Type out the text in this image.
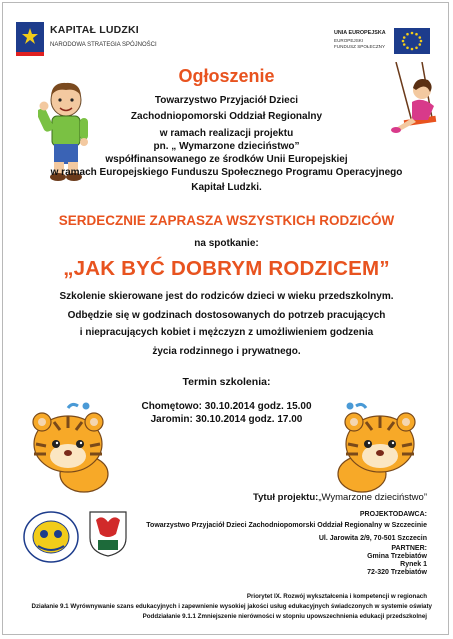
KAPITAŁ LUDZKI
NARODOWA STRATEGIA SPÓJNOŚCI
UNIA EUROPEJSKA
EUROPEJSKI
FUNDUSZ SPOŁECZNY
Ogłoszenie
Towarzystwo Przyjaciół Dzieci
Zachodniopomorski Oddział Regionalny
w ramach realizacji projektu
pn. „ Wymarzone dzieciństwo”
współfinansowanego ze środków Unii Europejskiej
w ramach Europejskiego Funduszu Społecznego Programu Operacyjnego
Kapitał Ludzki.
SERDECZNIE ZAPRASZA WSZYSTKICH RODZICÓW
na spotkanie:
„JAK BYĆ DOBRYM RODZICEM”
Szkolenie skierowane jest do rodziców dzieci w wieku przedszkolnym.
Odbędzie się w godzinach dostosowanych do potrzeb pracujących
i niepracujących kobiet i mężczyzn z umożliwieniem godzenia
życia rodzinnego i prywatnego.
Termin szkolenia:
Chomętowo: 30.10.2014 godz. 15.00
Jaromin: 30.10.2014 godz. 17.00
Tytuł projektu:„Wymarzone dzieciństwo”
PROJEKTODAWCA:
Towarzystwo Przyjaciół Dzieci Zachodniopomorski Oddział Regionalny w Szczecinie
Ul. Jarowita 2/9, 70-501 Szczecin
PARTNER:
Gmina Trzebiatów
Rynek 1
72-320 Trzebiatów
Priorytet IX. Rozwój wykształcenia i kompetencji w regionach
Działanie 9.1 Wyrównywanie szans edukacyjnych i zapewnienie wysokiej jakości usług edukacyjnych świadczonych w systemie oświaty
Poddziałanie 9.1.1 Zmniejszenie nierówności w stopniu upowszechnienia edukacji przedszkolnej
